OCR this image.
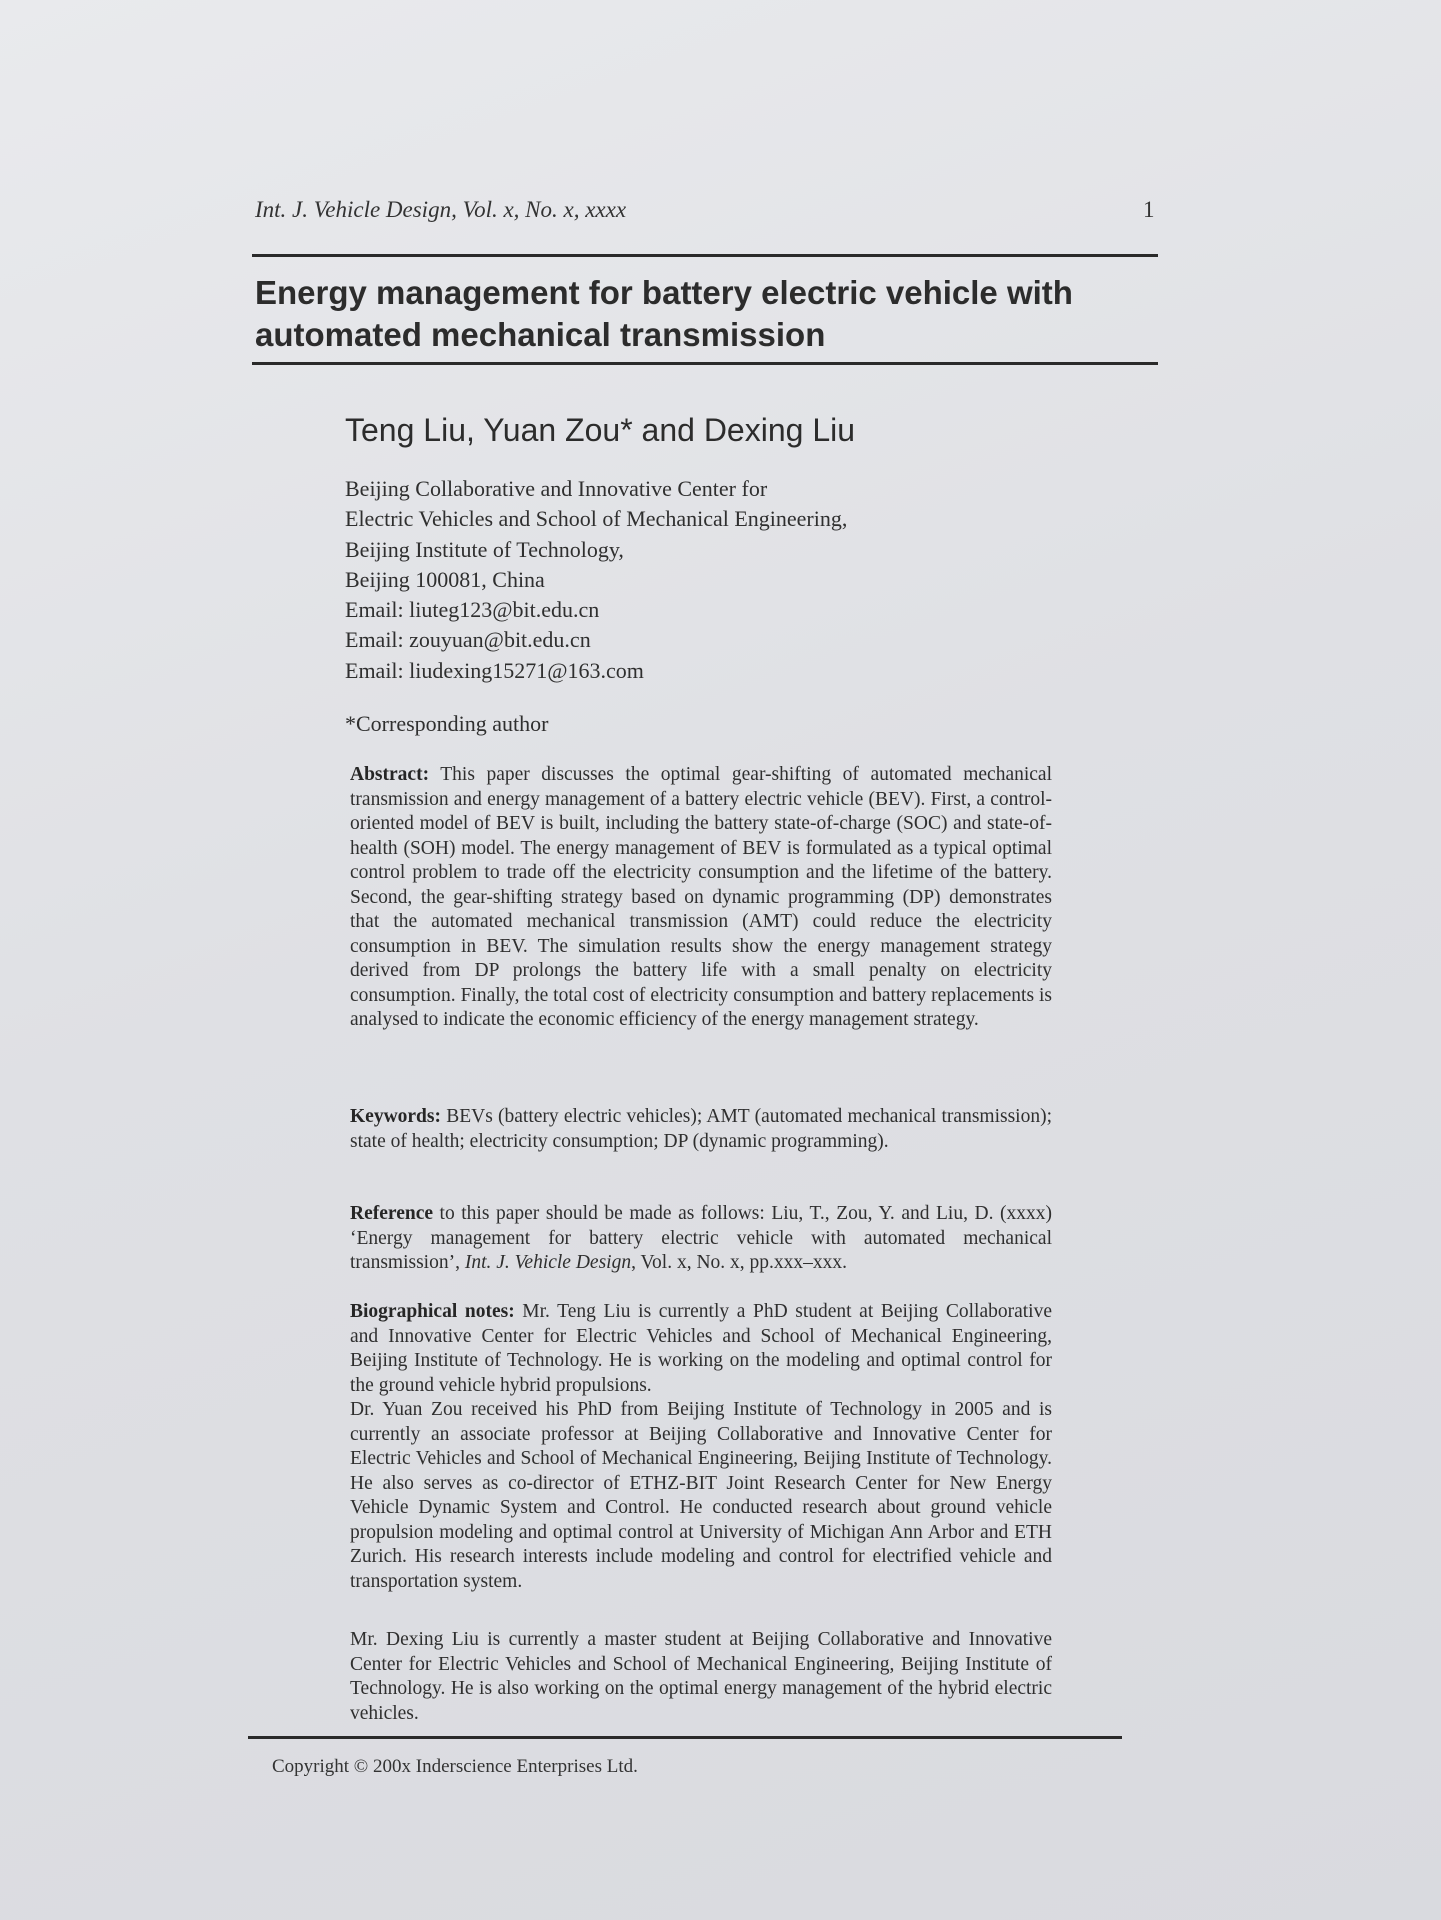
Int. J. Vehicle Design, Vol. x, No. x, xxxx	1
Energy management for battery electric vehicle with automated mechanical transmission
Teng Liu, Yuan Zou* and Dexing Liu
Beijing Collaborative and Innovative Center for
Electric Vehicles and School of Mechanical Engineering,
Beijing Institute of Technology,
Beijing 100081, China
Email: liuteg123@bit.edu.cn
Email: zouyuan@bit.edu.cn
Email: liudexing15271@163.com
*Corresponding author
Abstract: This paper discusses the optimal gear-shifting of automated mechanical transmission and energy management of a battery electric vehicle (BEV). First, a control-oriented model of BEV is built, including the battery state-of-charge (SOC) and state-of-health (SOH) model. The energy management of BEV is formulated as a typical optimal control problem to trade off the electricity consumption and the lifetime of the battery. Second, the gear-shifting strategy based on dynamic programming (DP) demonstrates that the automated mechanical transmission (AMT) could reduce the electricity consumption in BEV. The simulation results show the energy management strategy derived from DP prolongs the battery life with a small penalty on electricity consumption. Finally, the total cost of electricity consumption and battery replacements is analysed to indicate the economic efficiency of the energy management strategy.
Keywords: BEVs (battery electric vehicles); AMT (automated mechanical transmission); state of health; electricity consumption; DP (dynamic programming).
Reference to this paper should be made as follows: Liu, T., Zou, Y. and Liu, D. (xxxx) ‘Energy management for battery electric vehicle with automated mechanical transmission’, Int. J. Vehicle Design, Vol. x, No. x, pp.xxx–xxx.
Biographical notes: Mr. Teng Liu is currently a PhD student at Beijing Collaborative and Innovative Center for Electric Vehicles and School of Mechanical Engineering, Beijing Institute of Technology. He is working on the modeling and optimal control for the ground vehicle hybrid propulsions.
Dr. Yuan Zou received his PhD from Beijing Institute of Technology in 2005 and is currently an associate professor at Beijing Collaborative and Innovative Center for Electric Vehicles and School of Mechanical Engineering, Beijing Institute of Technology. He also serves as co-director of ETHZ-BIT Joint Research Center for New Energy Vehicle Dynamic System and Control. He conducted research about ground vehicle propulsion modeling and optimal control at University of Michigan Ann Arbor and ETH Zurich. His research interests include modeling and control for electrified vehicle and transportation system.
Mr. Dexing Liu is currently a master student at Beijing Collaborative and Innovative Center for Electric Vehicles and School of Mechanical Engineering, Beijing Institute of Technology. He is also working on the optimal energy management of the hybrid electric vehicles.
Copyright © 200x Inderscience Enterprises Ltd.
